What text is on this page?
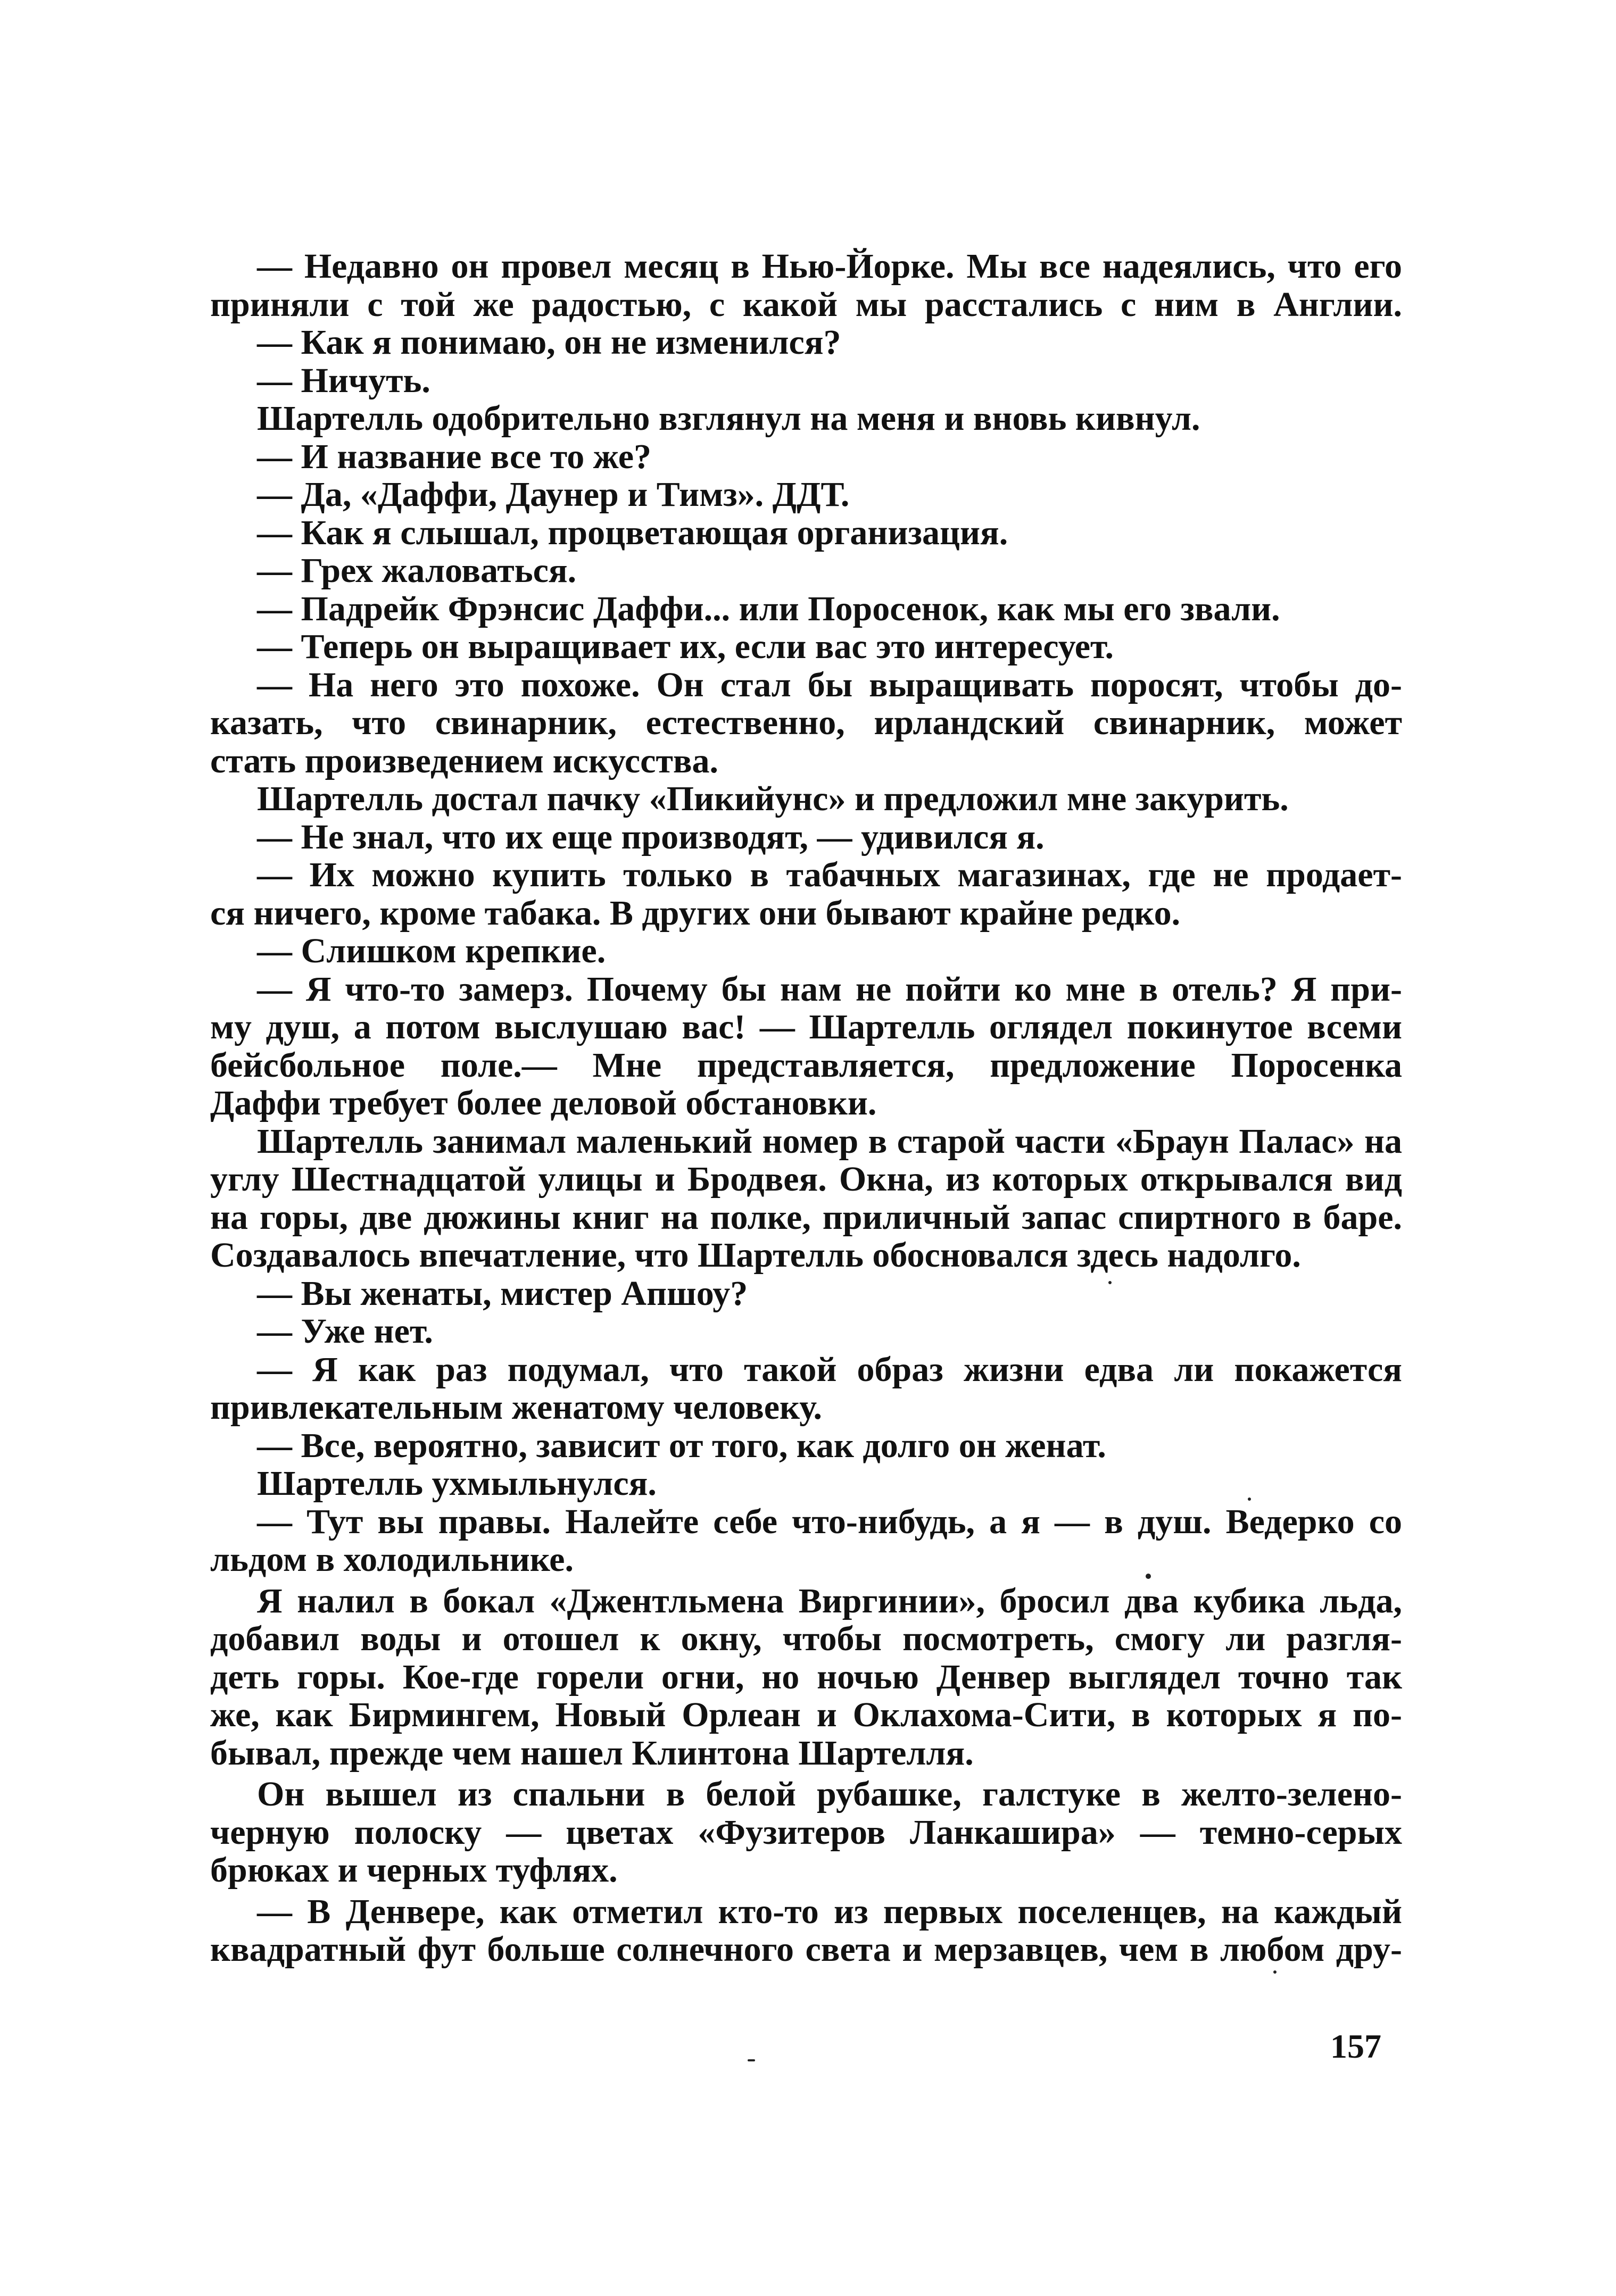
— Недавно он провел месяц в Нью-Йорке. Мы все надеялись, что его
приняли с той же радостью, с какой мы расстались с ним в Англии.
— Как я понимаю, он не изменился?
— Ничуть.
Шартелль одобрительно взглянул на меня и вновь кивнул.
— И название все то же?
— Да, «Даффи, Даунер и Тимз». ДДТ.
— Как я слышал, процветающая организация.
— Грех жаловаться.
— Падрейк Фрэнсис Даффи... или Поросенок, как мы его звали.
— Теперь он выращивает их, если вас это интересует.
— На него это похоже. Он стал бы выращивать поросят, чтобы до-
казать, что свинарник, естественно, ирландский свинарник, может
стать произведением искусства.
Шартелль достал пачку «Пикийунс» и предложил мне закурить.
— Не знал, что их еще производят, — удивился я.
— Их можно купить только в табачных магазинах, где не продает-
ся ничего, кроме табака. В других они бывают крайне редко.
— Слишком крепкие.
— Я что-то замерз. Почему бы нам не пойти ко мне в отель? Я при-
му душ, а потом выслушаю вас! — Шартелль оглядел покинутое всеми
бейсбольное поле.— Мне представляется, предложение Поросенка
Даффи требует более деловой обстановки.
Шартелль занимал маленький номер в старой части «Браун Палас» на
углу Шестнадцатой улицы и Бродвея. Окна, из которых открывался вид
на горы, две дюжины книг на полке, приличный запас спиртного в баре.
Создавалось впечатление, что Шартелль обосновался здесь надолго.
— Вы женаты, мистер Апшоу?
— Уже нет.
— Я как раз подумал, что такой образ жизни едва ли покажется
привлекательным женатому человеку.
— Все, вероятно, зависит от того, как долго он женат.
Шартелль ухмыльнулся.
— Тут вы правы. Налейте себе что-нибудь, а я — в душ. Ведерко со
льдом в холодильнике.
Я налил в бокал «Джентльмена Виргинии», бросил два кубика льда,
добавил воды и отошел к окну, чтобы посмотреть, смогу ли разгля-
деть горы. Кое-где горели огни, но ночью Денвер выглядел точно так
же, как Бирмингем, Новый Орлеан и Оклахома-Сити, в которых я по-
бывал, прежде чем нашел Клинтона Шартелля.
Он вышел из спальни в белой рубашке, галстуке в желто-зелено-
черную полоску — цветах «Фузитеров Ланкашира» — темно-серых
брюках и черных туфлях.
— В Денвере, как отметил кто-то из первых поселенцев, на каждый
квадратный фут больше солнечного света и мерзавцев, чем в любом дру-
157
